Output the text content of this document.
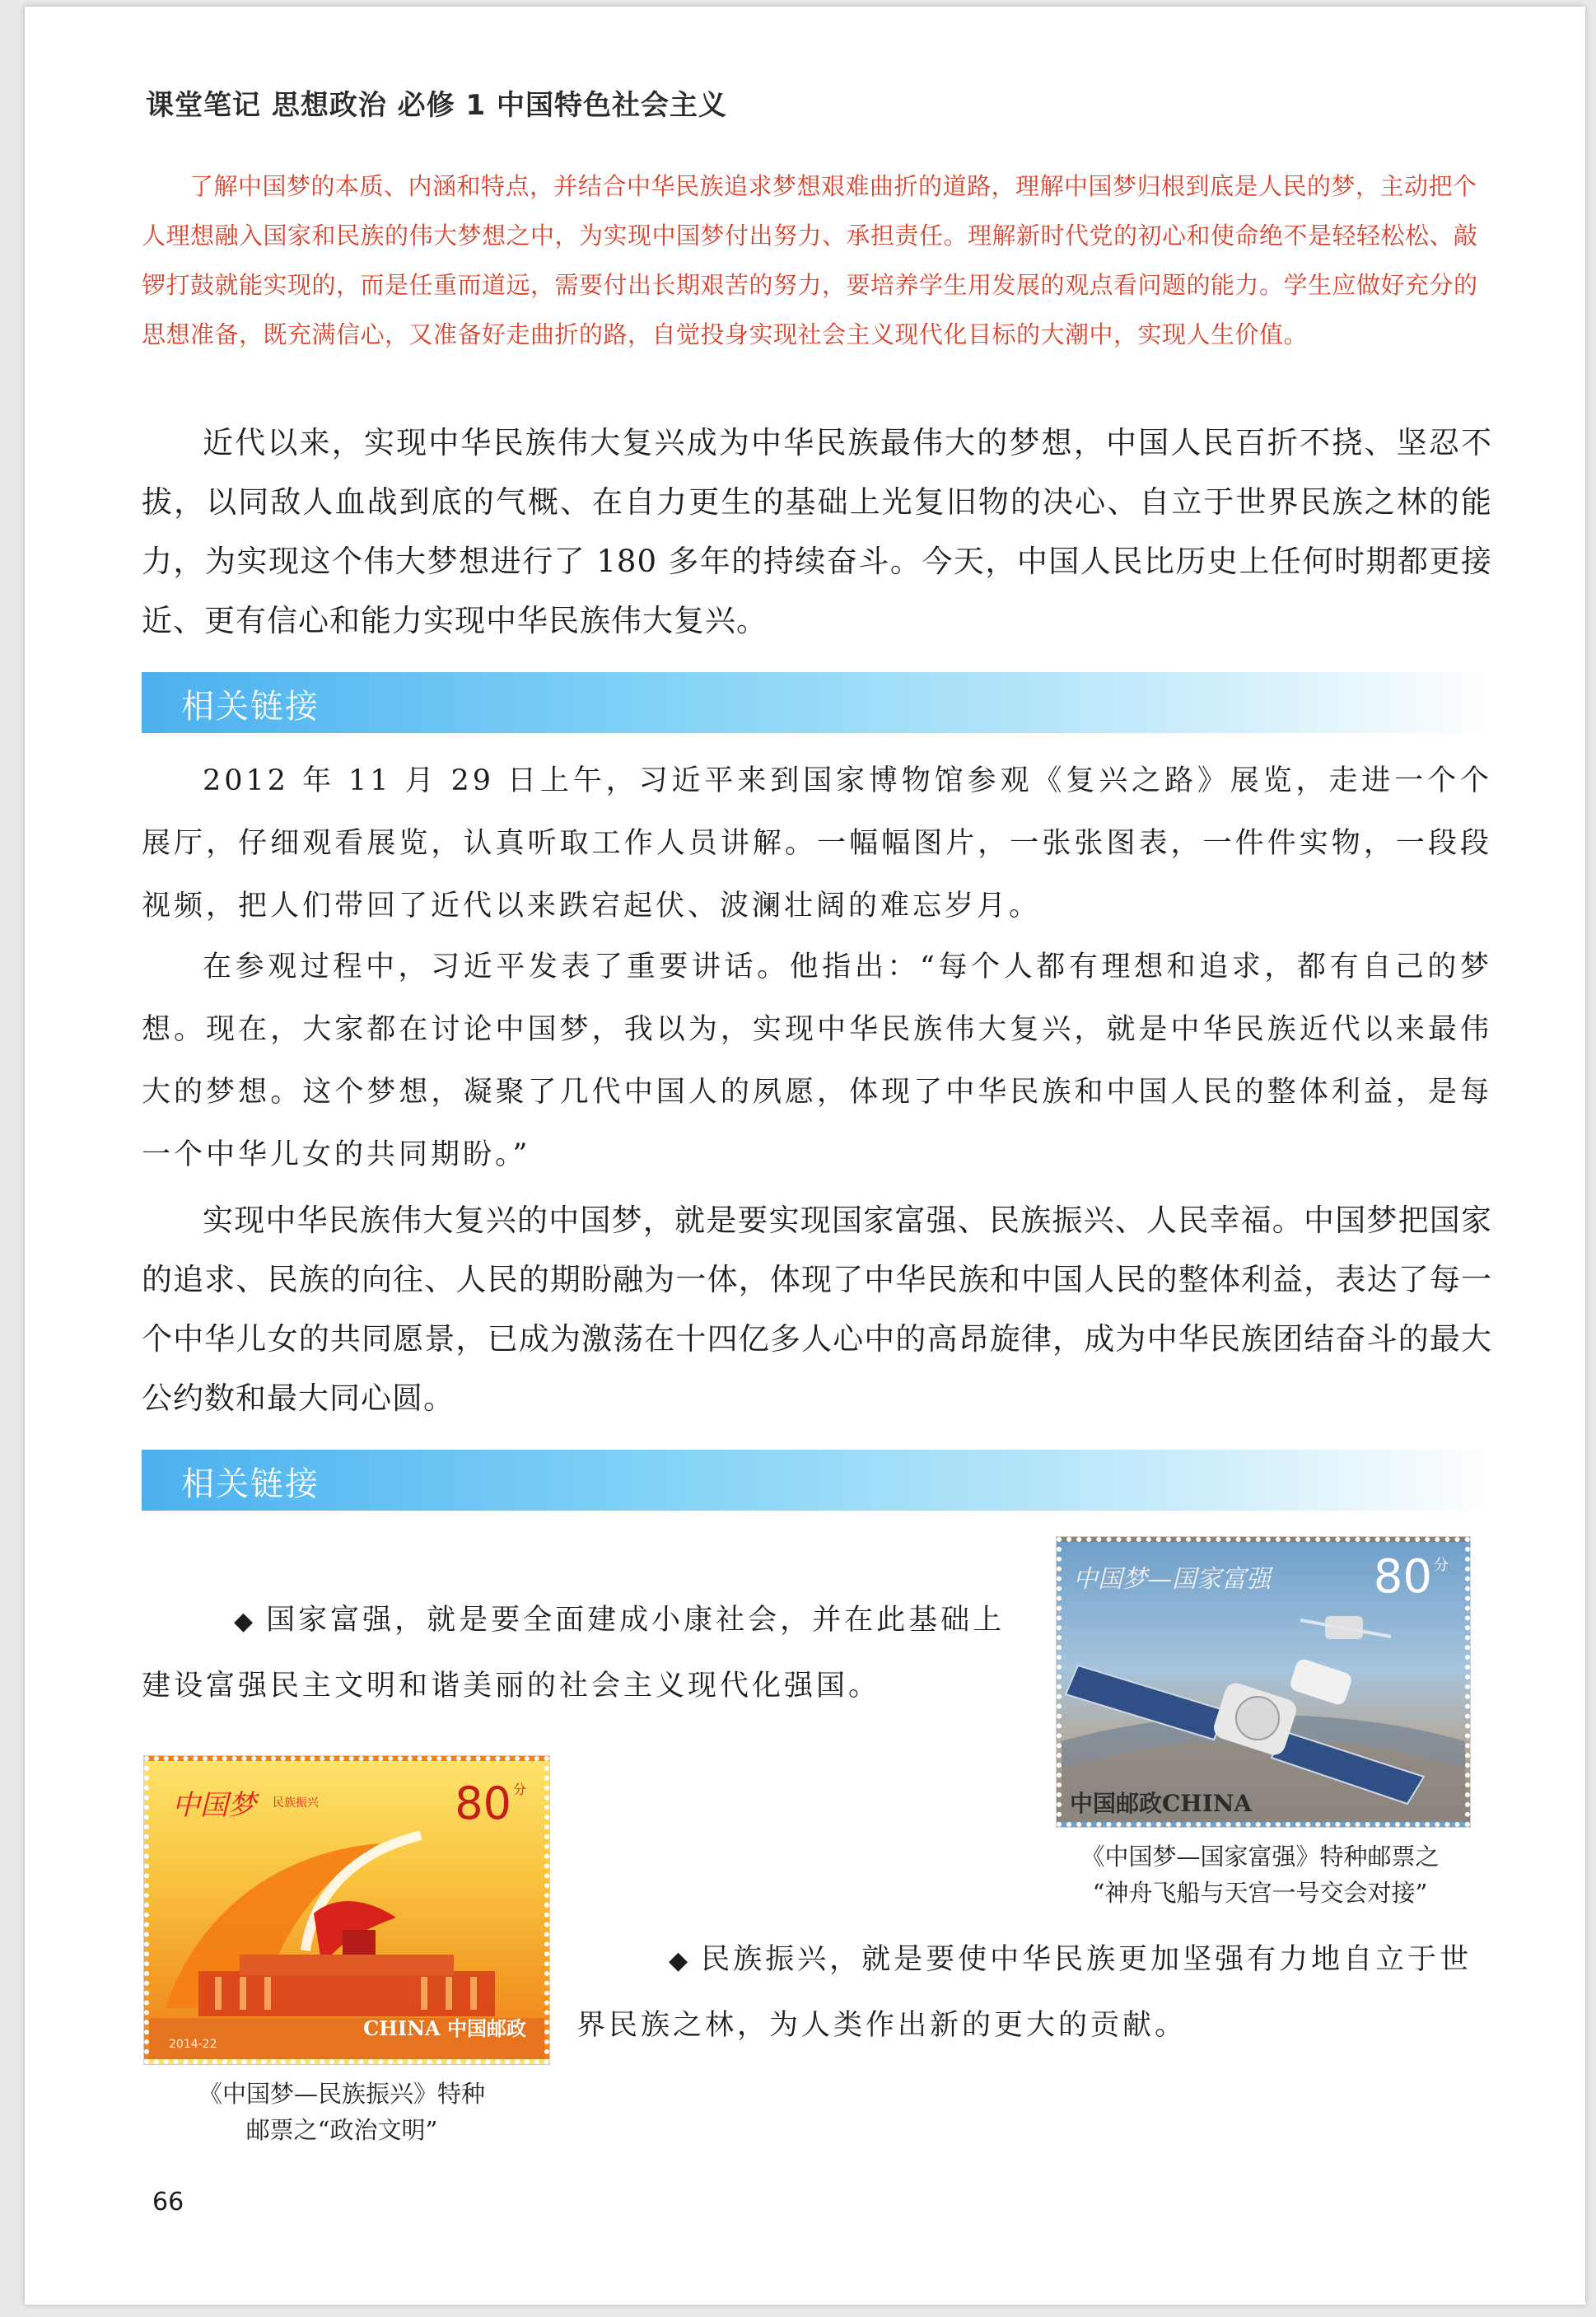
课堂笔记 思想政治 必修 1 中国特色社会主义
了解中国梦的本质、内涵和特点，并结合中华民族追求梦想艰难曲折的道路，理解中国梦归根到底是人民的梦，主动把个人理想融入国家和民族的伟大梦想之中，为实现中国梦付出努力、承担责任。理解新时代党的初心和使命绝不是轻轻松松、敲锣打鼓就能实现的，而是任重而道远，需要付出长期艰苦的努力，要培养学生用发展的观点看问题的能力。学生应做好充分的思想准备，既充满信心，又准备好走曲折的路，自觉投身实现社会主义现代化目标的大潮中，实现人生价值。
近代以来，实现中华民族伟大复兴成为中华民族最伟大的梦想，中国人民百折不挠、坚忍不拔，以同敌人血战到底的气概、在自力更生的基础上光复旧物的决心、自立于世界民族之林的能力，为实现这个伟大梦想进行了 180 多年的持续奋斗。今天，中国人民比历史上任何时期都更接近、更有信心和能力实现中华民族伟大复兴。
相关链接
2012 年 11 月 29 日上午，习近平来到国家博物馆参观《复兴之路》展览，走进一个个展厅，仔细观看展览，认真听取工作人员讲解。一幅幅图片，一张张图表，一件件实物，一段段视频，把人们带回了近代以来跌宕起伏、波澜壮阔的难忘岁月。
在参观过程中，习近平发表了重要讲话。他指出：“每个人都有理想和追求，都有自己的梦想。现在，大家都在讨论中国梦，我以为，实现中华民族伟大复兴，就是中华民族近代以来最伟大的梦想。这个梦想，凝聚了几代中国人的夙愿，体现了中华民族和中国人民的整体利益，是每一个中华儿女的共同期盼。”
实现中华民族伟大复兴的中国梦，就是要实现国家富强、民族振兴、人民幸福。中国梦把国家的追求、民族的向往、人民的期盼融为一体，体现了中华民族和中国人民的整体利益，表达了每一个中华儿女的共同愿景，已成为激荡在十四亿多人心中的高昂旋律，成为中华民族团结奋斗的最大公约数和最大同心圆。
相关链接
◆ 国家富强，就是要全面建成小康社会，并在此基础上建设富强民主文明和谐美丽的社会主义现代化强国。
中国梦—国家富强 80 分
中国邮政CHINA
《中国梦—国家富强》特种邮票之
“神舟飞船与天宫一号交会对接”
中国梦 民族振兴	80 分
CHINA 中国邮政
2014-22
《中国梦—民族振兴》特种
邮票之“政治文明”
◆ 民族振兴，就是要使中华民族更加坚强有力地自立于世界民族之林，为人类作出新的更大的贡献。
66
